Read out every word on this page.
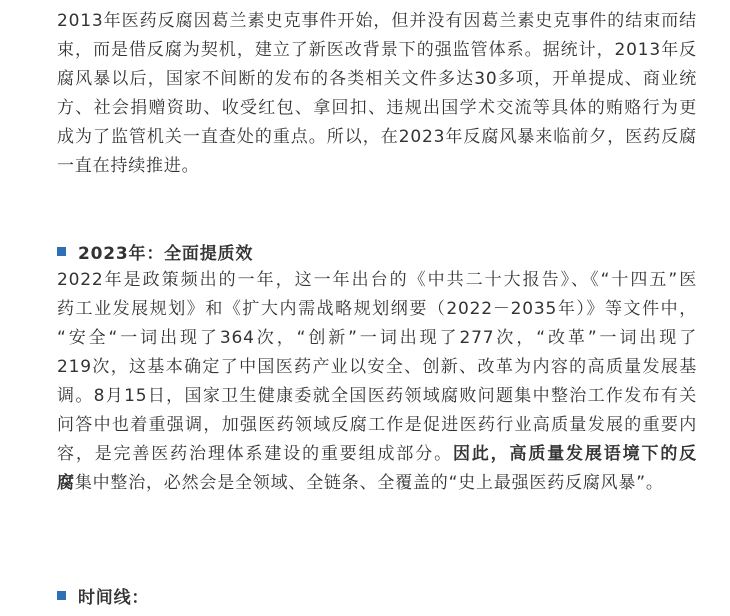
2013年医药反腐因葛兰素史克事件开始，但并没有因葛兰素史克事件的结束而结
束，而是借反腐为契机，建立了新医改背景下的强监管体系。据统计，2013年反
腐风暴以后，国家不间断的发布的各类相关文件多达30多项，开单提成、商业统
方、社会捐赠资助、收受红包、拿回扣、违规出国学术交流等具体的贿赂行为更
成为了监管机关一直查处的重点。所以，在2023年反腐风暴来临前夕，医药反腐
一直在持续推进。

2023年：全面提质效

2022年是政策频出的一年，这一年出台的《中共二十大报告》、《“十四五”医
药工业发展规划》和《扩大内需战略规划纲要（2022－2035年）》等文件中，
“安全“一词出现了364次，“创新”一词出现了277次，“改革”一词出现了
219次，这基本确定了中国医药产业以安全、创新、改革为内容的高质量发展基
调。8月15日，国家卫生健康委就全国医药领域腐败问题集中整治工作发布有关
问答中也着重强调，加强医药领域反腐工作是促进医药行业高质量发展的重要内
容，是完善医药治理体系建设的重要组成部分。因此，高质量发展语境下的反
腐集中整治，必然会是全领域、全链条、全覆盖的“史上最强医药反腐风暴”。

时间线：
